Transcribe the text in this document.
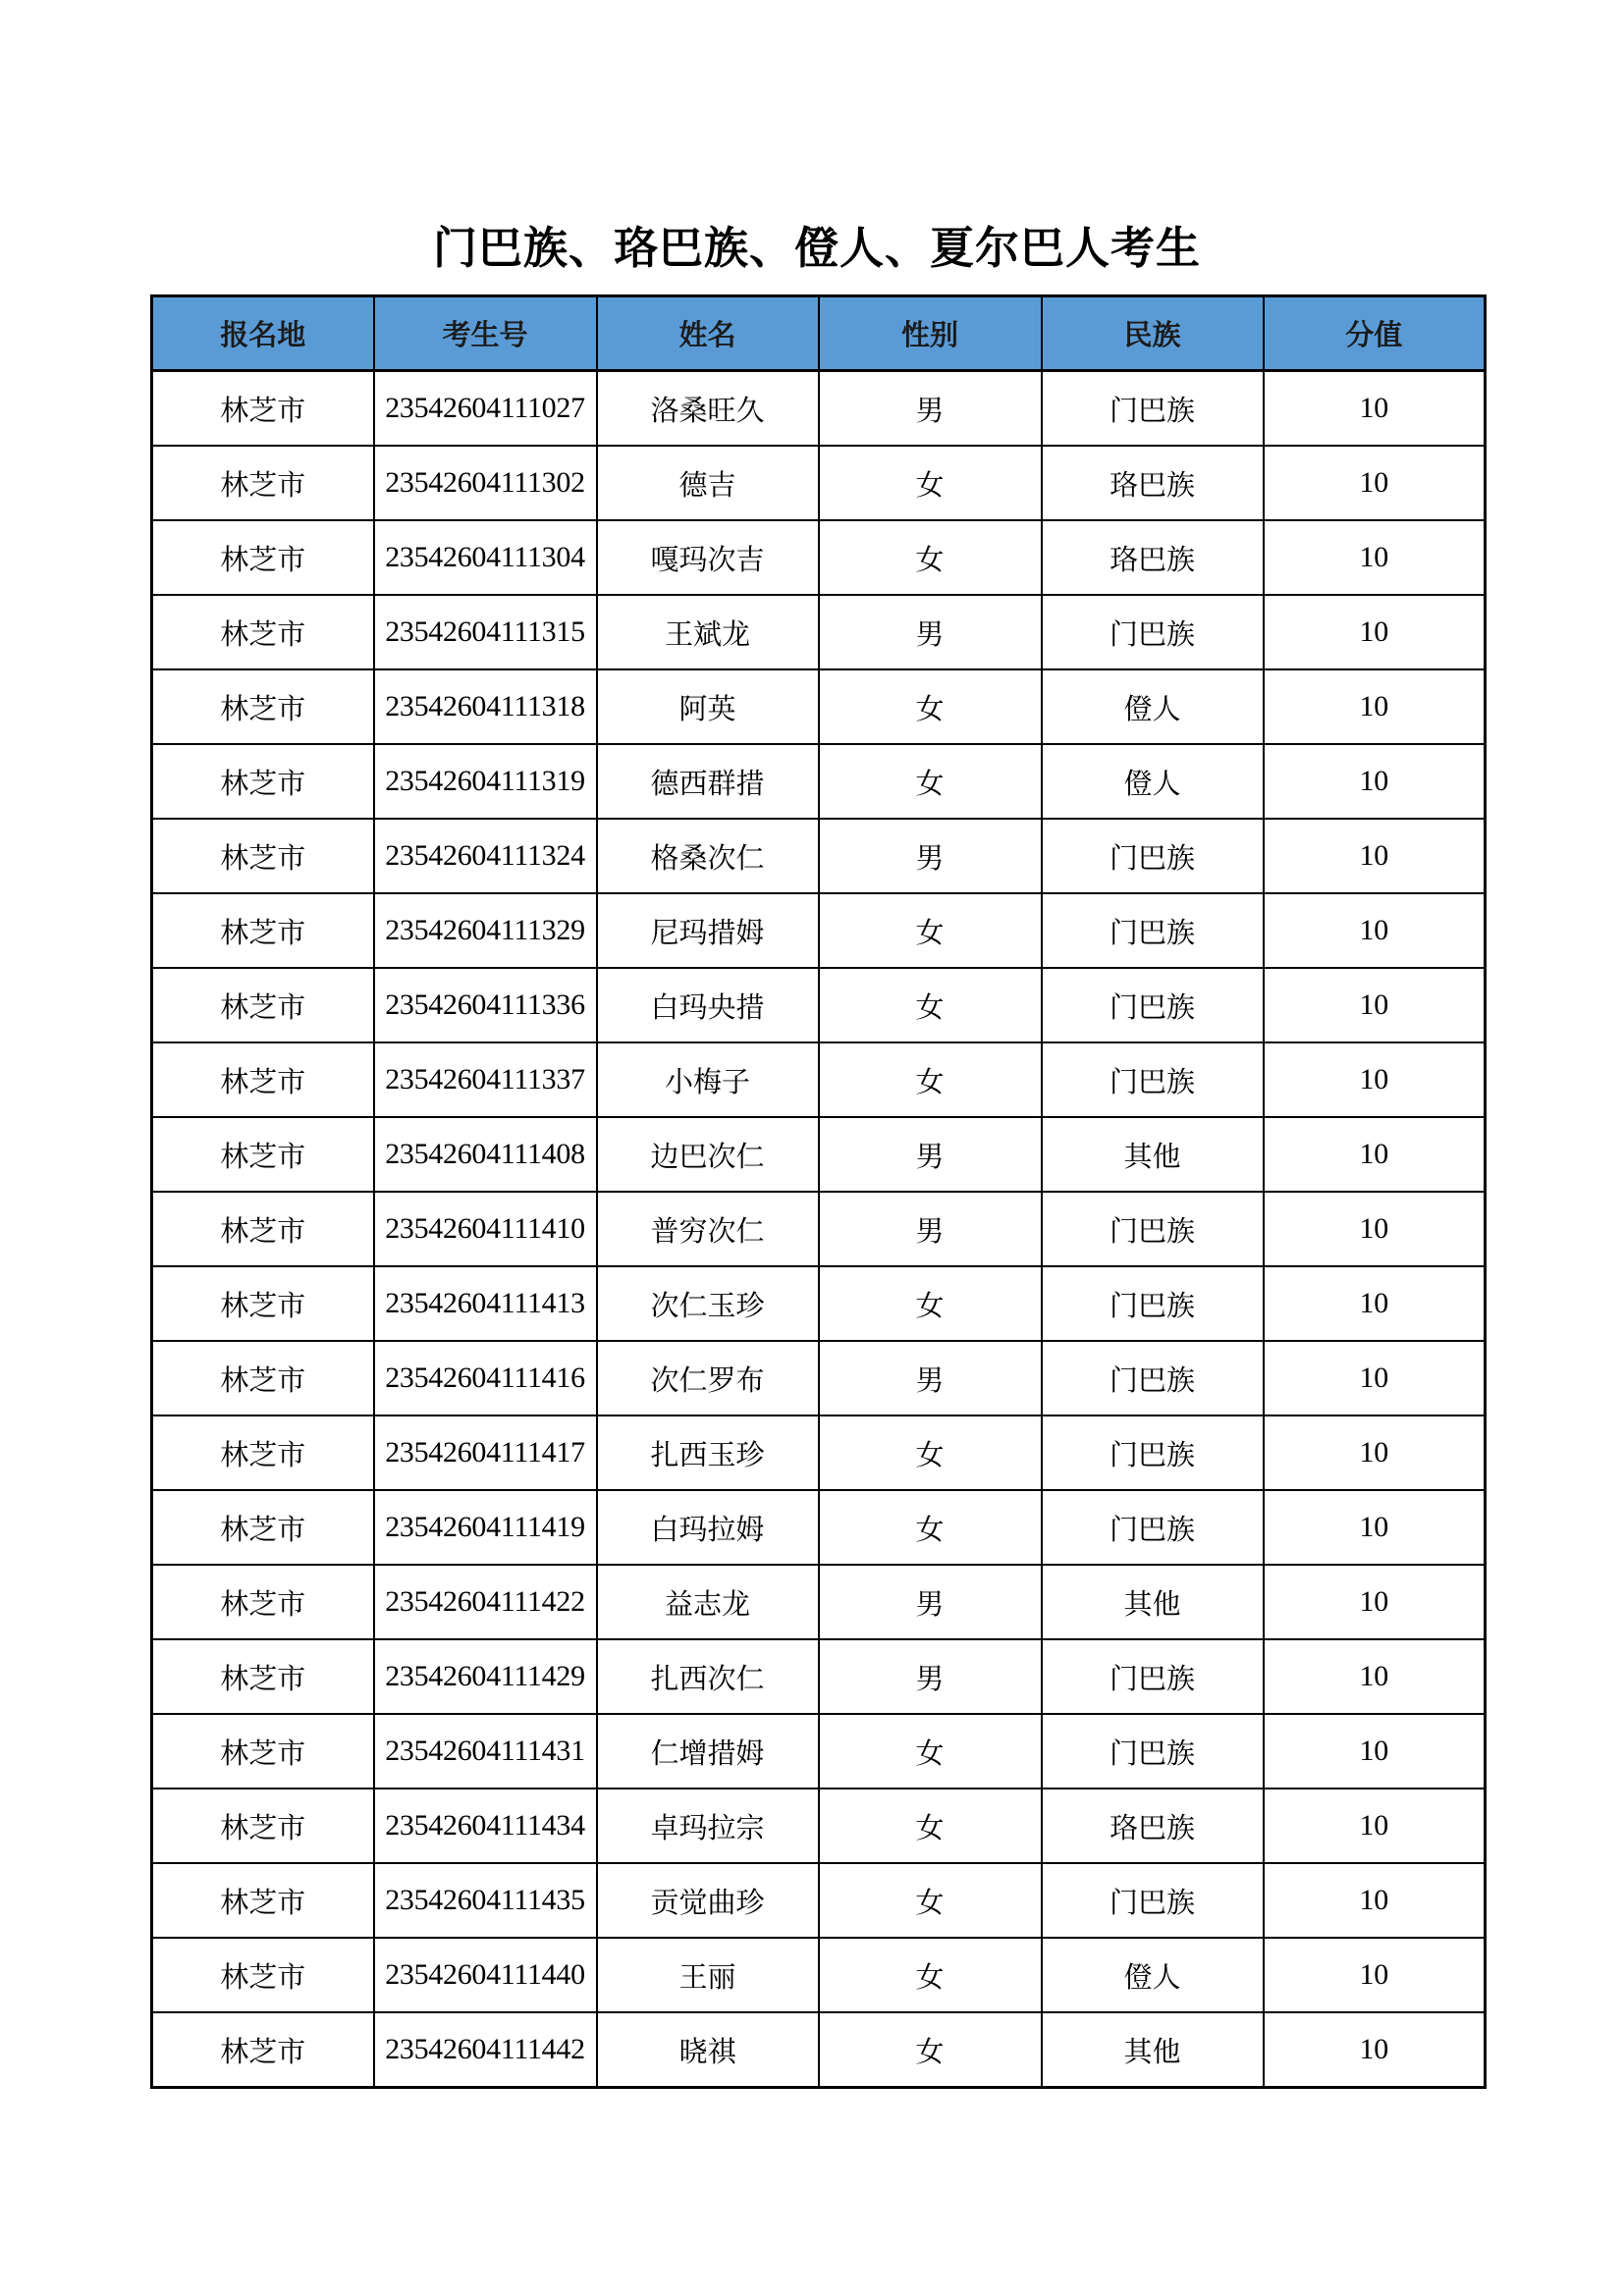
门巴族、珞巴族、僜人、夏尔巴人考生
报名地	考生号	姓名	性别	民族	分值
林芝市	23542604111027	洛桑旺久	男	门巴族	10
林芝市	23542604111302	德吉	女	珞巴族	10
林芝市	23542604111304	嘎玛次吉	女	珞巴族	10
林芝市	23542604111315	王斌龙	男	门巴族	10
林芝市	23542604111318	阿英	女	僜人	10
林芝市	23542604111319	德西群措	女	僜人	10
林芝市	23542604111324	格桑次仁	男	门巴族	10
林芝市	23542604111329	尼玛措姆	女	门巴族	10
林芝市	23542604111336	白玛央措	女	门巴族	10
林芝市	23542604111337	小梅子	女	门巴族	10
林芝市	23542604111408	边巴次仁	男	其他	10
林芝市	23542604111410	普穷次仁	男	门巴族	10
林芝市	23542604111413	次仁玉珍	女	门巴族	10
林芝市	23542604111416	次仁罗布	男	门巴族	10
林芝市	23542604111417	扎西玉珍	女	门巴族	10
林芝市	23542604111419	白玛拉姆	女	门巴族	10
林芝市	23542604111422	益志龙	男	其他	10
林芝市	23542604111429	扎西次仁	男	门巴族	10
林芝市	23542604111431	仁增措姆	女	门巴族	10
林芝市	23542604111434	卓玛拉宗	女	珞巴族	10
林芝市	23542604111435	贡觉曲珍	女	门巴族	10
林芝市	23542604111440	王丽	女	僜人	10
林芝市	23542604111442	晓祺	女	其他	10
